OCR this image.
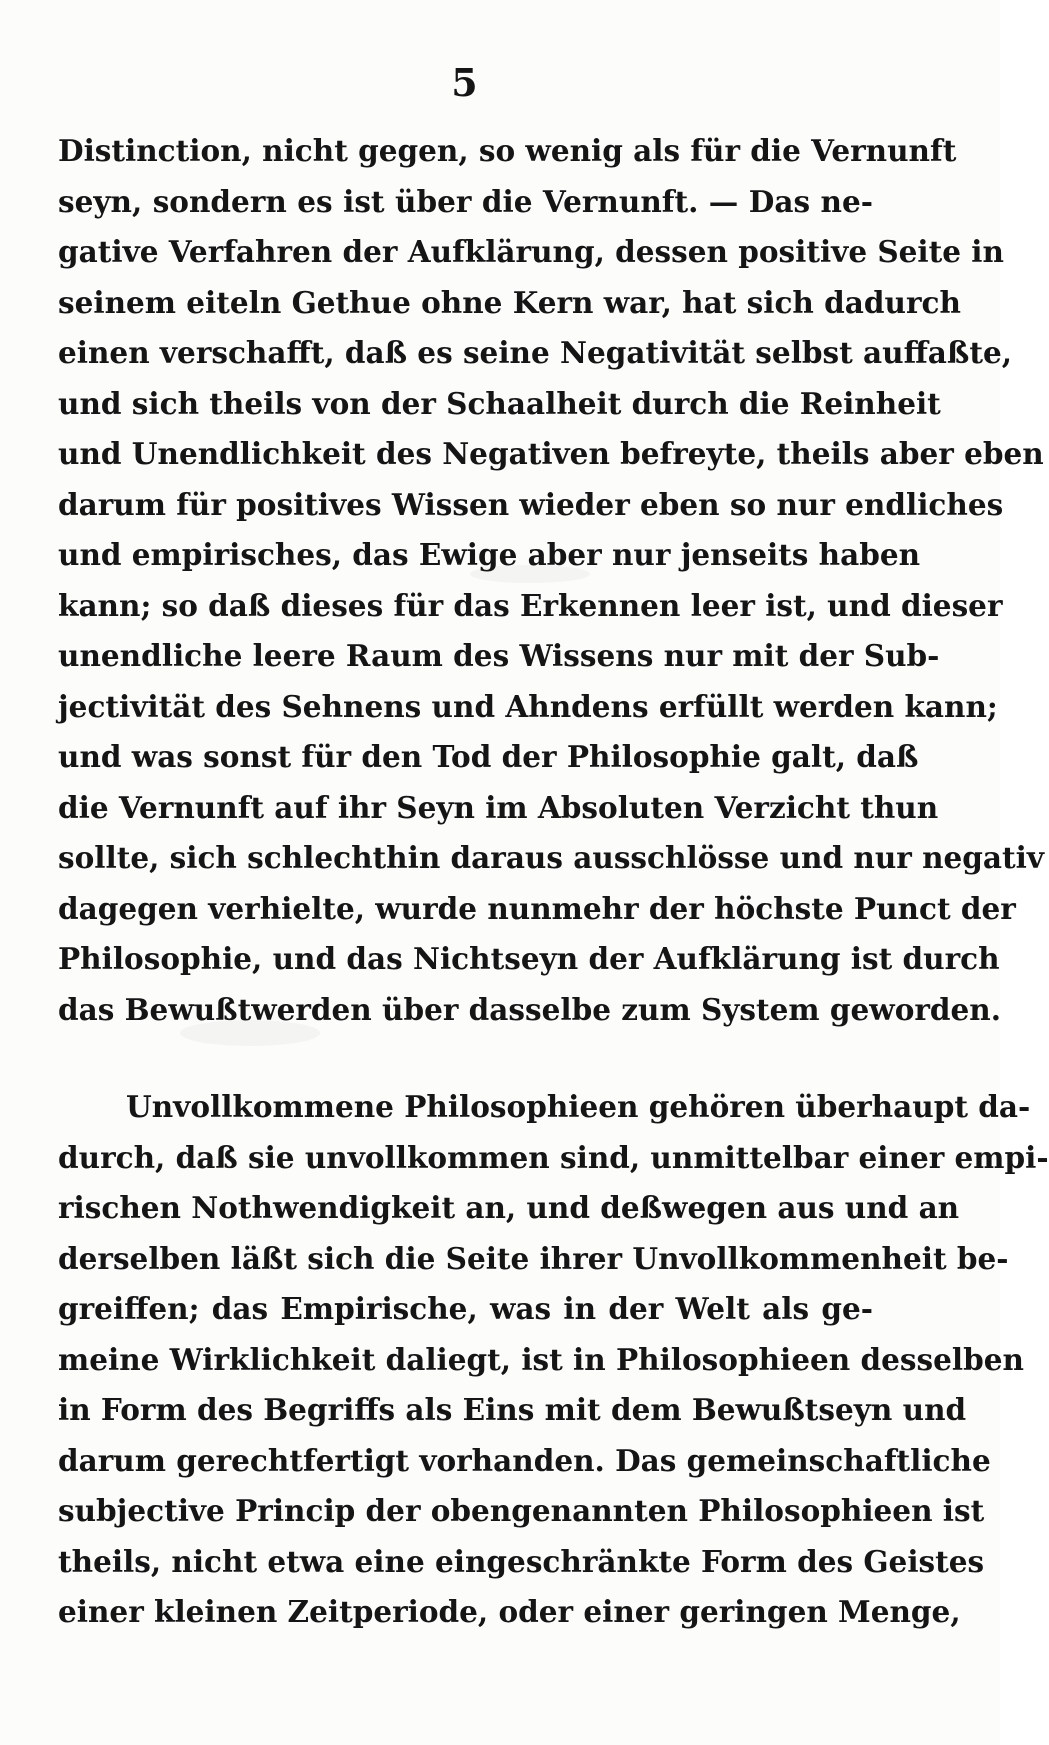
5
Distinction, nicht gegen, so wenig als für die Vernunft
seyn, sondern es ist über die Vernunft. — Das ne-
gative Verfahren der Aufklärung, dessen positive Seite in
seinem eiteln Gethue ohne Kern war, hat sich dadurch
einen verschafft, daß es seine Negativität selbst auffaßte,
und sich theils von der Schaalheit durch die Reinheit
und Unendlichkeit des Negativen befreyte, theils aber eben
darum für positives Wissen wieder eben so nur endliches
und empirisches, das Ewige aber nur jenseits haben
kann; so daß dieses für das Erkennen leer ist, und dieser
unendliche leere Raum des Wissens nur mit der Sub-
jectivität des Sehnens und Ahndens erfüllt werden kann;
und was sonst für den Tod der Philosophie galt, daß
die Vernunft auf ihr Seyn im Absoluten Verzicht thun
sollte, sich schlechthin daraus ausschlösse und nur negativ
dagegen verhielte, wurde nunmehr der höchste Punct der
Philosophie, und das Nichtseyn der Aufklärung ist durch
das Bewußtwerden über dasselbe zum System geworden.
Unvollkommene Philosophieen gehören überhaupt da-
durch, daß sie unvollkommen sind, unmittelbar einer empi-
rischen Nothwendigkeit an, und deßwegen aus und an
derselben läßt sich die Seite ihrer Unvollkommenheit be-
greiffen; das Empirische, was in der Welt als ge-
meine Wirklichkeit daliegt, ist in Philosophieen desselben
in Form des Begriffs als Eins mit dem Bewußtseyn und
darum gerechtfertigt vorhanden. Das gemeinschaftliche
subjective Princip der obengenannten Philosophieen ist
theils, nicht etwa eine eingeschränkte Form des Geistes
einer kleinen Zeitperiode, oder einer geringen Menge,
